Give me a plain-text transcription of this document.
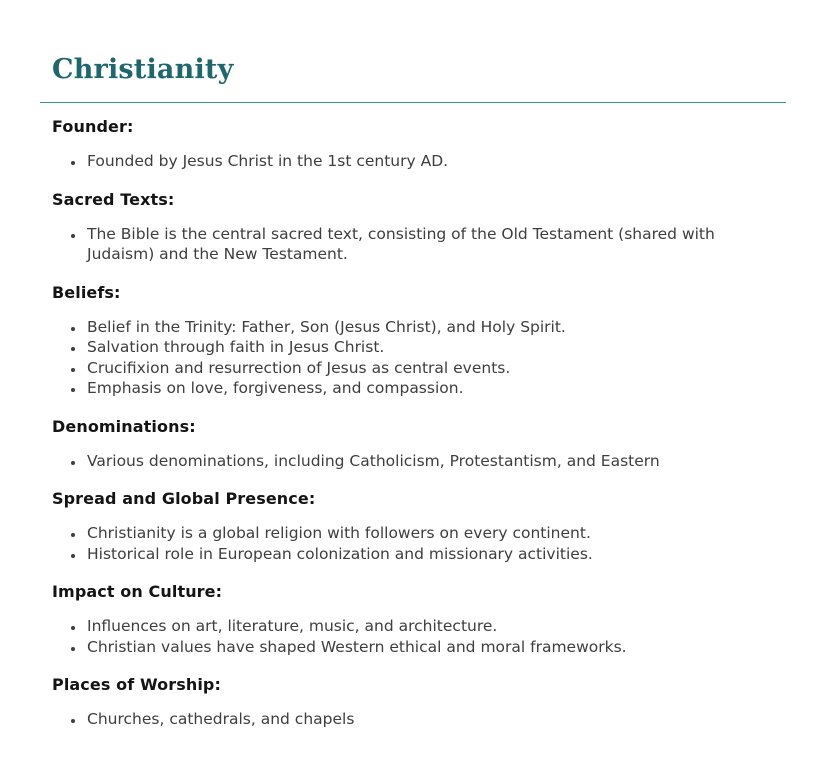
Christianity
Founder:
• Founded by Jesus Christ in the 1st century AD.
Sacred Texts:
• The Bible is the central sacred text, consisting of the Old Testament (shared with Judaism) and the New Testament.
Beliefs:
• Belief in the Trinity: Father, Son (Jesus Christ), and Holy Spirit.
• Salvation through faith in Jesus Christ.
• Crucifixion and resurrection of Jesus as central events.
• Emphasis on love, forgiveness, and compassion.
Denominations:
• Various denominations, including Catholicism, Protestantism, and Eastern
Spread and Global Presence:
• Christianity is a global religion with followers on every continent.
• Historical role in European colonization and missionary activities.
Impact on Culture:
• Influences on art, literature, music, and architecture.
• Christian values have shaped Western ethical and moral frameworks.
Places of Worship:
• Churches, cathedrals, and chapels
